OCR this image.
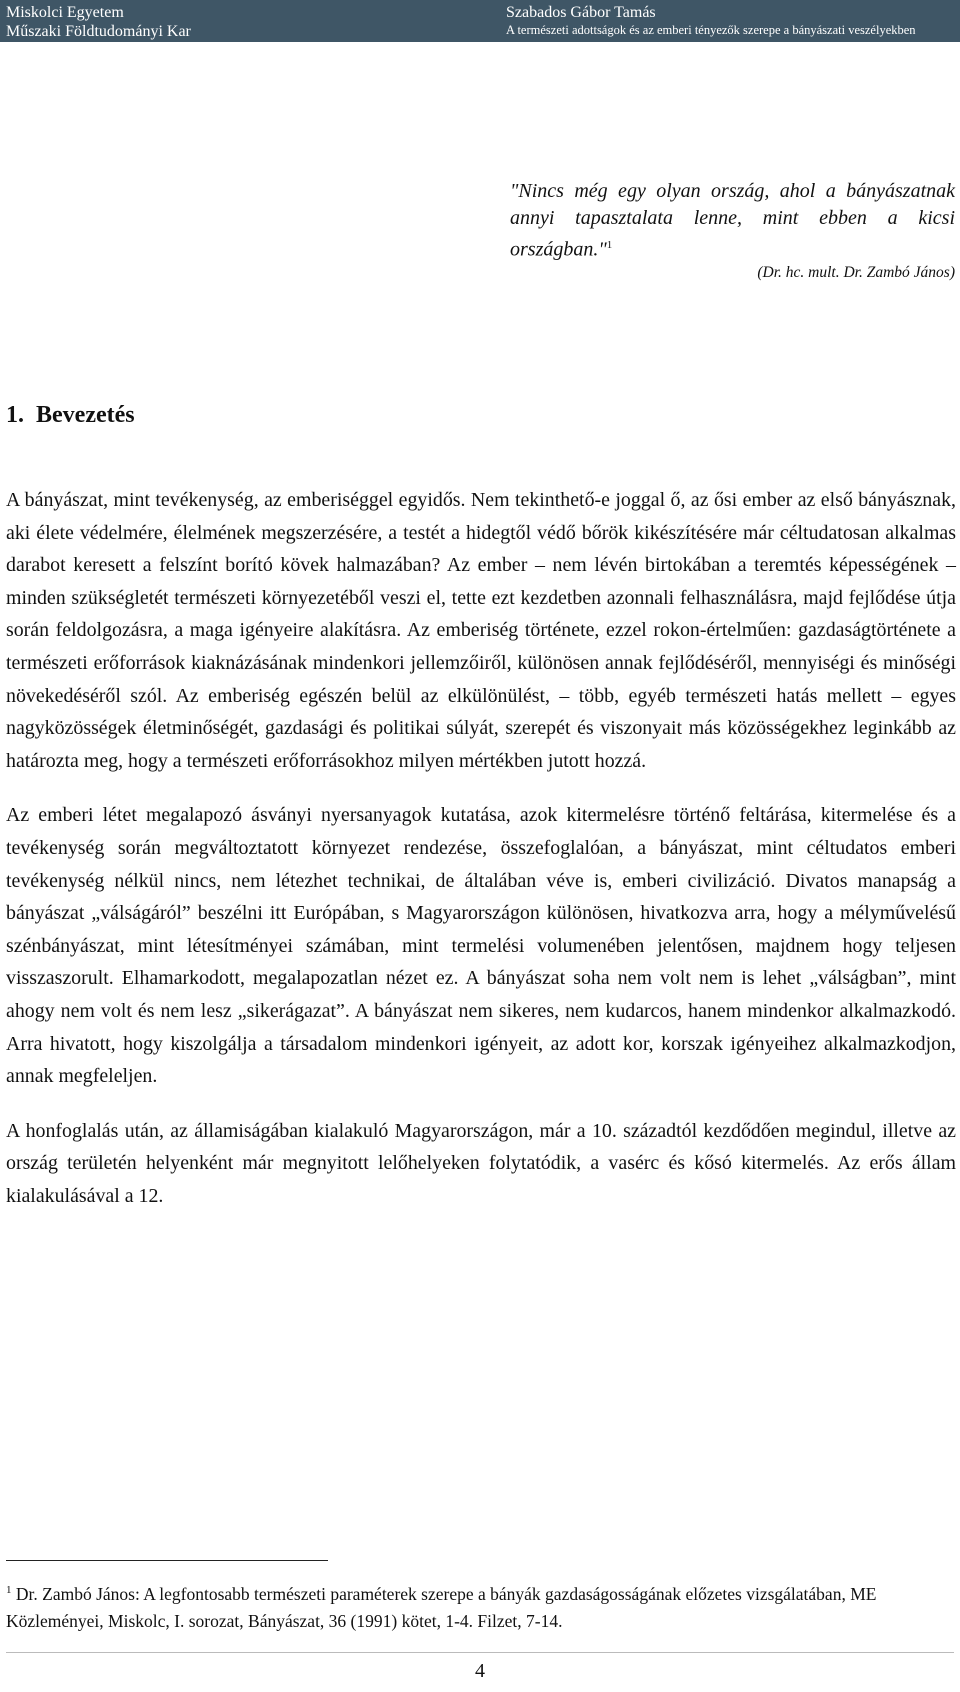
Miskolci Egyetem
Műszaki Földtudományi Kar
Szabados Gábor Tamás
A természeti adottságok és az emberi tényezők szerepe a bányászati veszélyekben
és az azok elleni védekezésben
"Nincs még egy olyan ország, ahol a bányászatnak annyi tapasztalata lenne, mint ebben a kicsi országban."$^1$
(Dr. hc. mult. Dr. Zambó János)
1. Bevezetés

A bányászat, mint tevékenység, az emberiséggel egyidős. Nem tekinthető-e joggal ő, az ősi ember az első bányásznak, aki élete védelmére, élelmének megszerzésére, a testét a hidegtől védő bőrök kikészítésére már céltudatosan alkalmas darabot keresett a felszínt borító kövek halmazában? Az ember – nem lévén birtokában a teremtés képességének – minden szükségletét természeti környezetéből veszi el, tette ezt kezdetben azonnali felhasználásra, majd fejlődése útja során feldolgozásra, a maga igényeire alakításra. Az emberiség története, ezzel rokon-értelműen: gazdaságtörténete a természeti erőforrások kiaknázásának mindenkori jellemzőiről, különösen annak fejlődéséről, mennyiségi és minőségi növekedéséről szól. Az emberiség egészén belül az elkülönülést, – több, egyéb természeti hatás mellett – egyes nagyközösségek életminőségét, gazdasági és politikai súlyát, szerepét és viszonyait más közösségekhez leginkább az határozta meg, hogy a természeti erőforrásokhoz milyen mértékben jutott hozzá.

Az emberi létet megalapozó ásványi nyersanyagok kutatása, azok kitermelésre történő feltárása, kitermelése és a tevékenység során megváltoztatott környezet rendezése, összefoglalóan, a bányászat, mint céltudatos emberi tevékenység nélkül nincs, nem létezhet technikai, de általában véve is, emberi civilizáció. Divatos manapság a bányászat „válságáról” beszélni itt Európában, s Magyarországon különösen, hivatkozva arra, hogy a mélyművelésű szénbányászat, mint létesítményei számában, mint termelési volumenében jelentősen, majdnem hogy teljesen visszaszorult. Elhamarkodott, megalapozatlan nézet ez. A bányászat soha nem volt nem is lehet „válságban”, mint ahogy nem volt és nem lesz „sikerágazat”. A bányászat nem sikeres, nem kudarcos, hanem mindenkor alkalmazkodó. Arra hivatott, hogy kiszolgálja a társadalom mindenkori igényeit, az adott kor, korszak igényeihez alkalmazkodjon, annak megfeleljen.

A honfoglalás után, az államiságában kialakuló Magyarországon, már a 10. századtól kezdődően megindul, illetve az ország területén helyenként már megnyitott lelőhelyeken folytatódik, a vasérc és kősó kitermelés. Az erős állam kialakulásával a 12.

$^1$ Dr. Zambó János: A legfontosabb természeti paraméterek szerepe a bányák gazdaságosságának előzetes vizsgálatában, ME Közleményei, Miskolc, I. sorozat, Bányászat, 36 (1991) kötet, 1-4. Filzet, 7-14.
4
